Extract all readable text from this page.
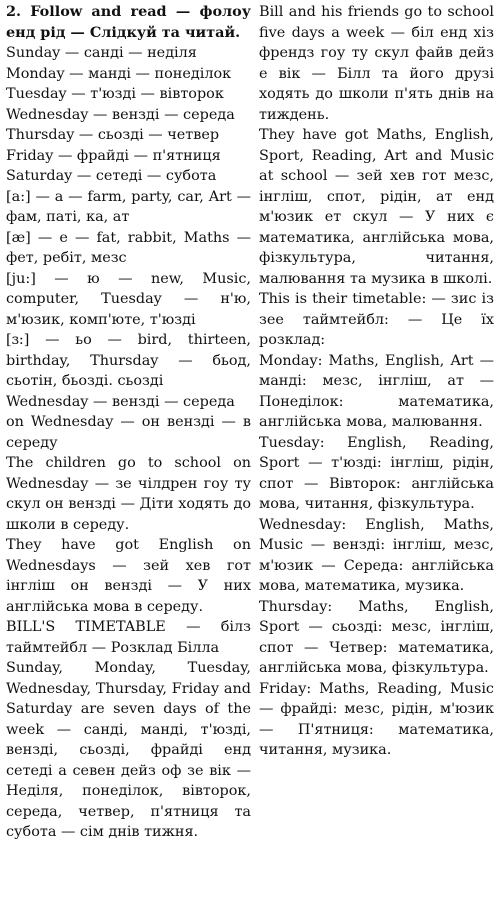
2. Follow and read — фолоу енд рід — Слідкуй та читай.

Sunday — санді — неділя

Monday — манді — понеділок

Tuesday — т'юзді — вівторок

Wednesday — вензді — середа

Thursday — сьозді — четвер

Friday — фрайді — п'ятниця

Saturday — сетеді — субота

[a:] — a — farm, party, car, Art — фам, паті, ка, ат

[æ] — e — fat, rabbit, Maths — фет, ребіт, мезс

[ju:] — ю — new, Music, computer, Tuesday — н'ю, м'юзик, комп'юте, т'юзді

[ɜ:] — ьо — bird, thirteen, birthday, Thursday — бьод, сьотін, бьозді. сьозді

Wednesday — вензді — середа

on Wednesday — он вензді — в середу

The children go to school on Wednesday — зе чілдрен гоу ту скул он вензді — Діти ходять до школи в середу.

They have got English on Wednesdays — зей хев гот інгліш он вензді — У них англійська мова в середу.

BILL'S TIMETABLE — білз таймтейбл — Розклад Білла

Sunday, Monday, Tuesday, Wednesday, Thursday, Friday and Saturday are seven days of the week — санді, манді, т'юзді, вензді, сьозді, фрайді енд сетеді а севен дейз оф зе вік — Неділя, понеділок, вівторок, середа, четвер, п'ятниця та субота — сім днів тижня.

Bill and his friends go to school five days a week — біл енд хіз френдз гоу ту скул файв дейз е вік — Білл та його друзі ходять до школи п'ять днів на тиждень.

They have got Maths, English, Sport, Reading, Art and Music at school — зей хев гот мезс, інгліш, спот, рідін, ат енд м'юзик ет скул — У них є математика, англійська мова, фізкультура, читання, малювання та музика в школі.

This is their timetable: — зис із зее таймтейбл: — Це їх розклад:

Monday: Maths, English, Art — манді: мезс, інгліш, ат — Понеділок: математика, англійська мова, малювання.

Tuesday: English, Reading, Sport — т'юзді: інгліш, рідін, спот — Вівторок: англійська мова, читання, фізкультура.

Wednesday: English, Maths, Music — вензді: інгліш, мезс, м'юзик — Середа: англійська мова, математика, музика.

Thursday: Maths, English, Sport — сьозді: мезс, інгліш, спот — Четвер: математика, англійська мова, фізкультура.

Friday: Maths, Reading, Music — фрайді: мезс, рідін, м'юзик — П'ятниця: математика, читання, музика.
